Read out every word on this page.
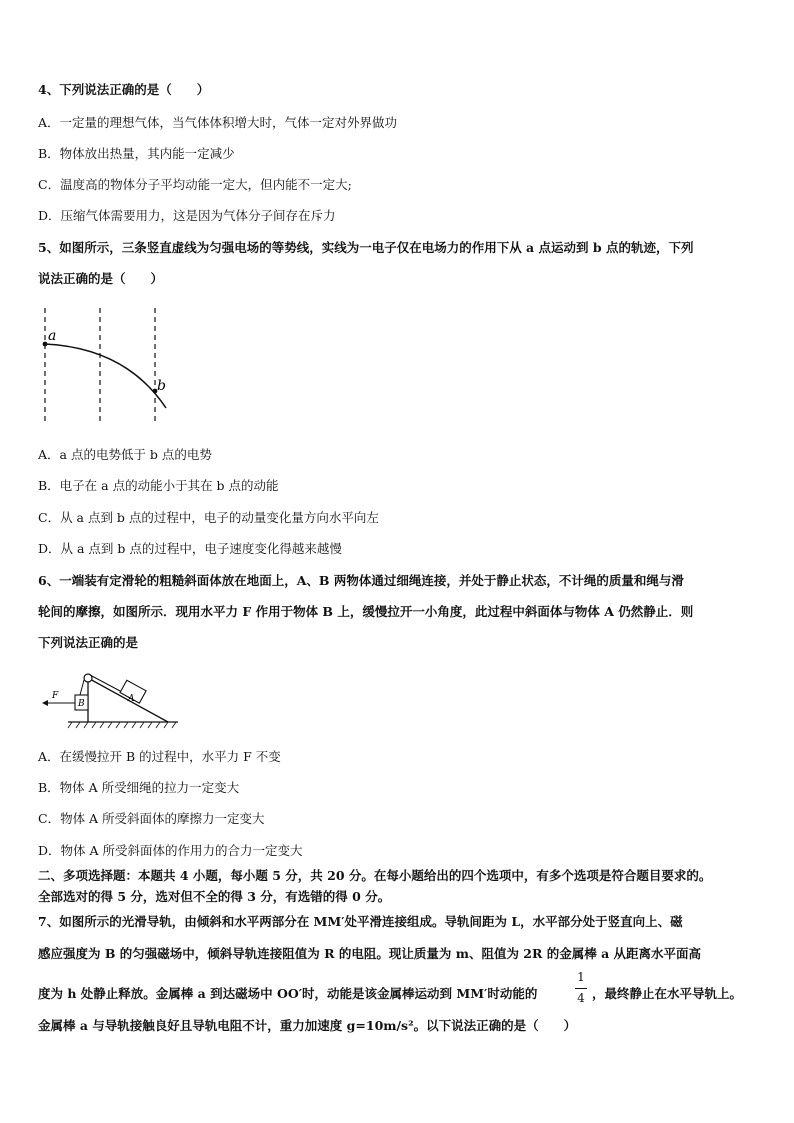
4、下列说法正确的是（　　）
A．一定量的理想气体，当气体体积增大时，气体一定对外界做功
B．物体放出热量，其内能一定减少
C．温度高的物体分子平均动能一定大，但内能不一定大;
D．压缩气体需要用力，这是因为气体分子间存在斥力
5、如图所示，三条竖直虚线为匀强电场的等势线，实线为一电子仅在电场力的作用下从 a 点运动到 b 点的轨迹，下列
说法正确的是（　　）
a
b
A．a 点的电势低于 b 点的电势
B．电子在 a 点的动能小于其在 b 点的动能
C．从 a 点到 b 点的过程中，电子的动量变化量方向水平向左
D．从 a 点到 b 点的过程中，电子速度变化得越来越慢
6、一端装有定滑轮的粗糙斜面体放在地面上，A、B 两物体通过细绳连接，并处于静止状态，不计绳的质量和绳与滑
轮间的摩擦，如图所示．现用水平力 F 作用于物体 B 上，缓慢拉开一小角度，此过程中斜面体与物体 A 仍然静止．则
下列说法正确的是
A
B
F
A．在缓慢拉开 B 的过程中，水平力 F 不变
B．物体 A 所受细绳的拉力一定变大
C．物体 A 所受斜面体的摩擦力一定变大
D．物体 A 所受斜面体的作用力的合力一定变大
二、多项选择题：本题共 4 小题，每小题 5 分，共 20 分。在每小题给出的四个选项中，有多个选项是符合题目要求的。
全部选对的得 5 分，选对但不全的得 3 分，有选错的得 0 分。
7、如图所示的光滑导轨，由倾斜和水平两部分在 MM′处平滑连接组成。导轨间距为 L，水平部分处于竖直向上、磁
感应强度为 B 的匀强磁场中，倾斜导轨连接阻值为 R 的电阻。现让质量为 m、阻值为 2R 的金属棒 a 从距离水平面高
度为 h 处静止释放。金属棒 a 到达磁场中 OO′时，动能是该金属棒运动到 MM′时动能的
1
4 ，最终静止在水平导轨上。
金属棒 a 与导轨接触良好且导轨电阻不计，重力加速度 g=10m/s²。以下说法正确的是（　　）
